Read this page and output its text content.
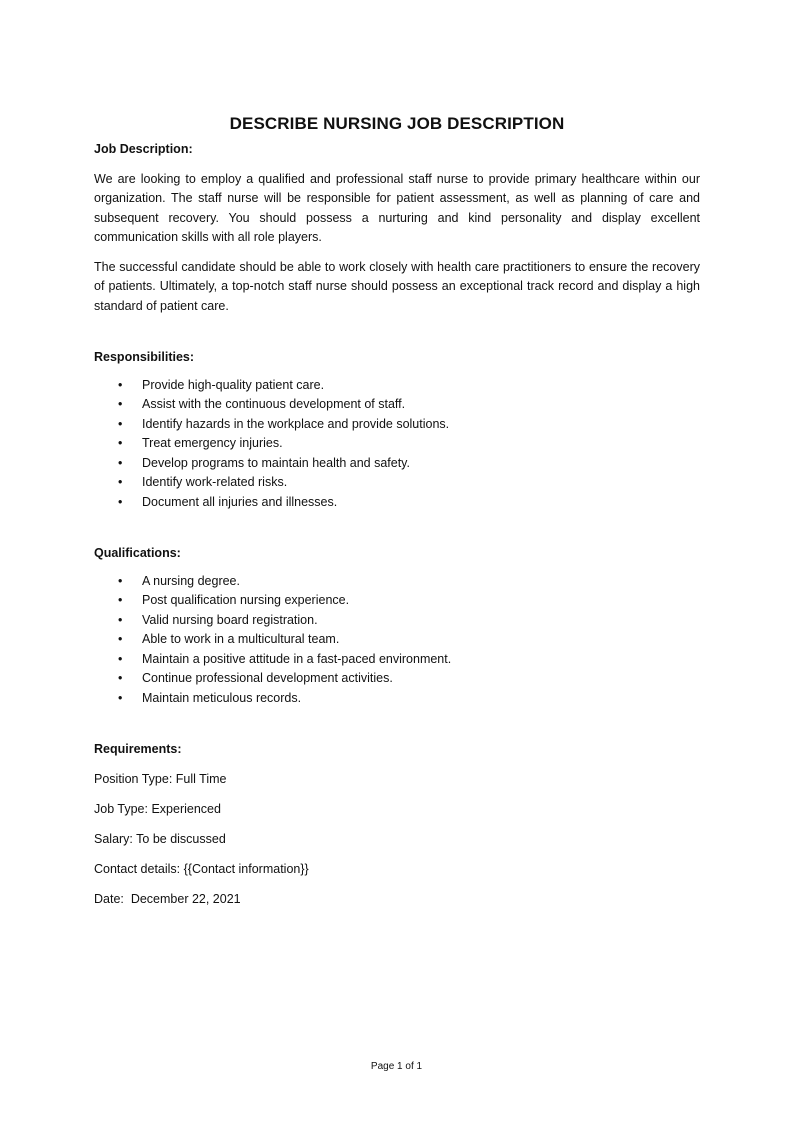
DESCRIBE NURSING JOB DESCRIPTION

Job Description:

We are looking to employ a qualified and professional staff nurse to provide primary healthcare within our organization. The staff nurse will be responsible for patient assessment, as well as planning of care and subsequent recovery. You should possess a nurturing and kind personality and display excellent communication skills with all role players.

The successful candidate should be able to work closely with health care practitioners to ensure the recovery of patients. Ultimately, a top-notch staff nurse should possess an exceptional track record and display a high standard of patient care.

Responsibilities:

• Provide high-quality patient care.
• Assist with the continuous development of staff.
• Identify hazards in the workplace and provide solutions.
• Treat emergency injuries.
• Develop programs to maintain health and safety.
• Identify work-related risks.
• Document all injuries and illnesses.

Qualifications:

• A nursing degree.
• Post qualification nursing experience.
• Valid nursing board registration.
• Able to work in a multicultural team.
• Maintain a positive attitude in a fast-paced environment.
• Continue professional development activities.
• Maintain meticulous records.

Requirements:

Position Type: Full Time

Job Type: Experienced

Salary: To be discussed

Contact details: {{Contact information}}

Date:  December 22, 2021

Page 1 of 1
